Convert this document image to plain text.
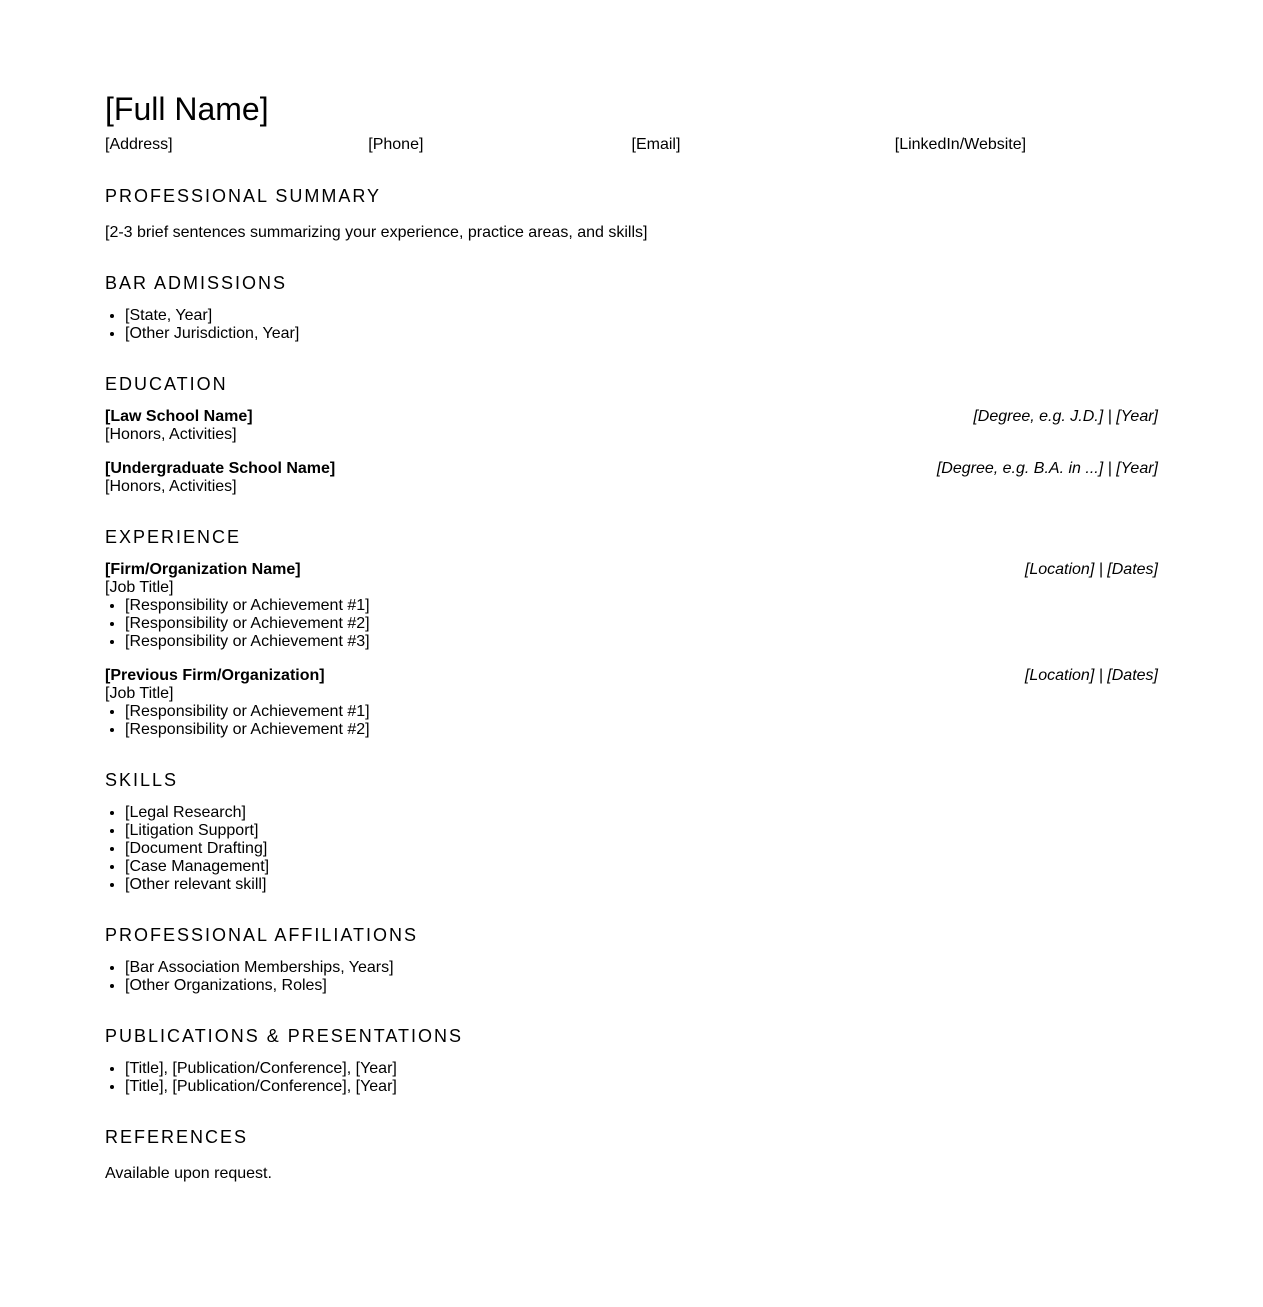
[Full Name]
[Address]	[Phone]	[Email]	[LinkedIn/Website]
PROFESSIONAL SUMMARY

[2-3 brief sentences summarizing your experience, practice areas, and skills]

BAR ADMISSIONS
• [State, Year]
• [Other Jurisdiction, Year]
EDUCATION
[Law School Name]	[Degree, e.g. J.D.] | [Year]
[Honors, Activities]
[Undergraduate School Name]	[Degree, e.g. B.A. in ...] | [Year]
[Honors, Activities]
EXPERIENCE
[Firm/Organization Name]	[Location] | [Dates]
[Job Title]
• [Responsibility or Achievement #1]
• [Responsibility or Achievement #2]
• [Responsibility or Achievement #3]
[Previous Firm/Organization]	[Location] | [Dates]
[Job Title]
• [Responsibility or Achievement #1]
• [Responsibility or Achievement #2]
SKILLS
• [Legal Research]
• [Litigation Support]
• [Document Drafting]
• [Case Management]
• [Other relevant skill]
PROFESSIONAL AFFILIATIONS
• [Bar Association Memberships, Years]
• [Other Organizations, Roles]
PUBLICATIONS & PRESENTATIONS
• [Title], [Publication/Conference], [Year]
• [Title], [Publication/Conference], [Year]
REFERENCES

Available upon request.
